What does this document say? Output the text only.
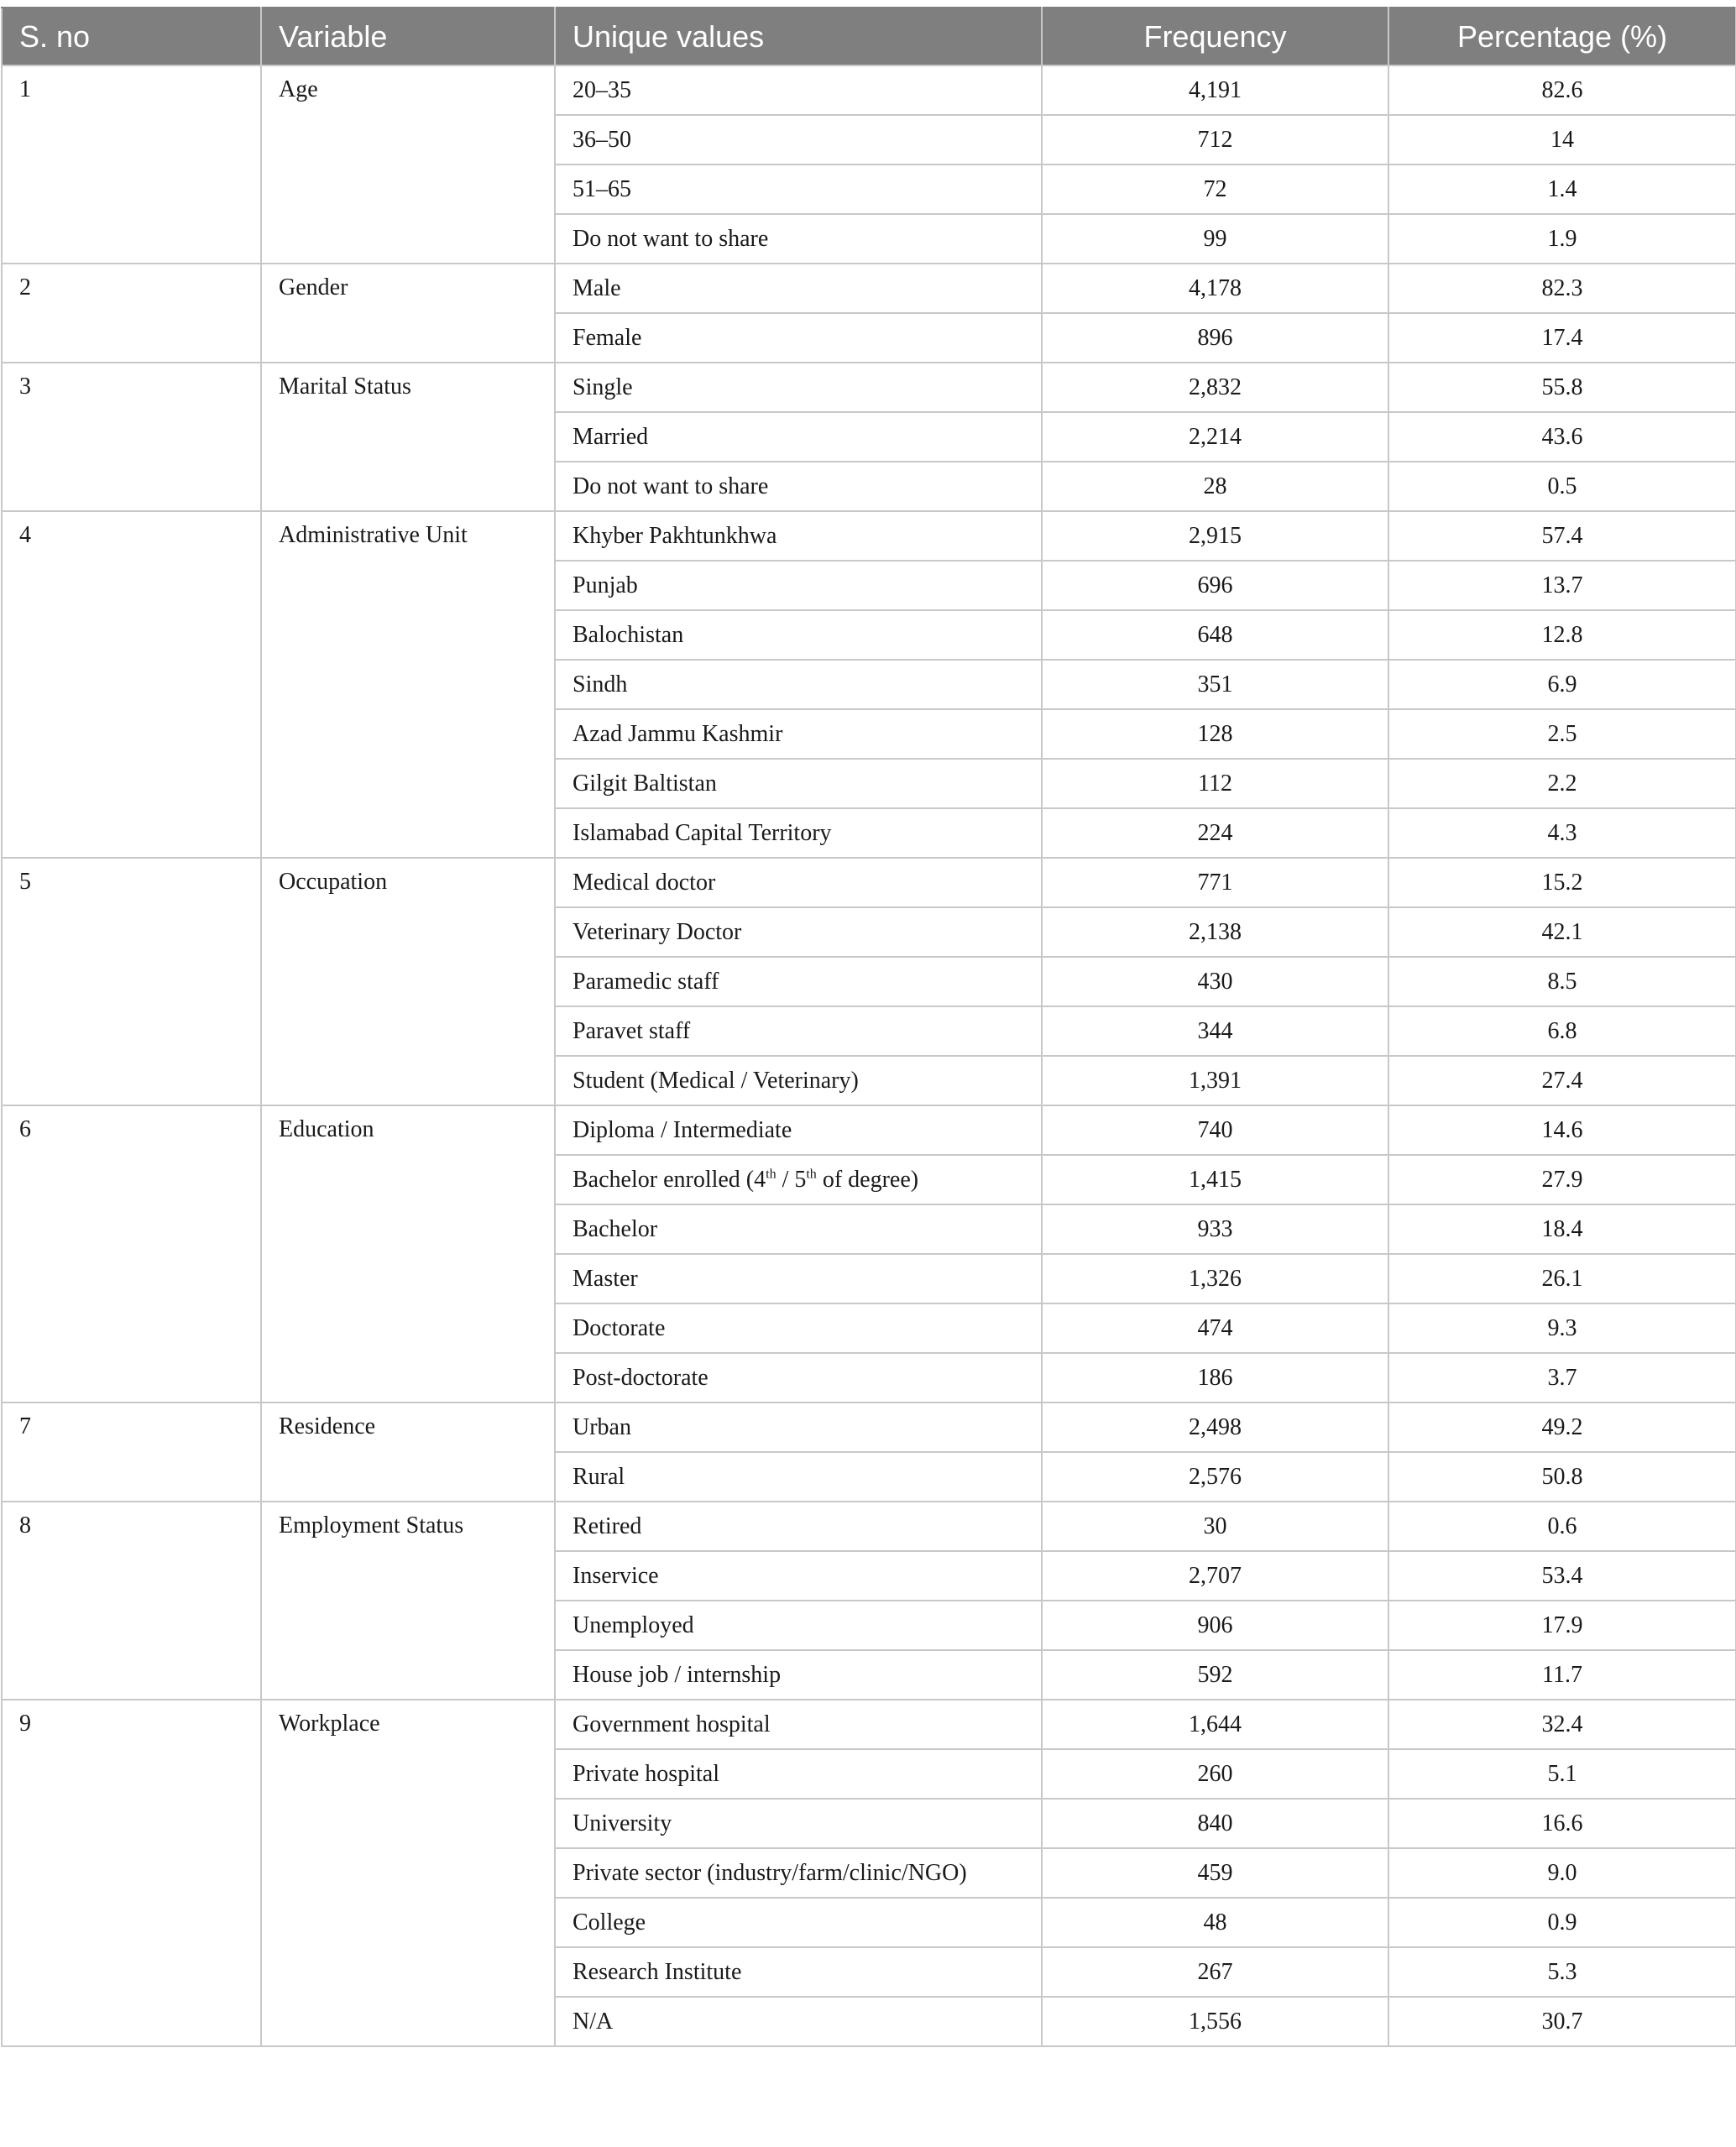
S. no	Variable	Unique values	Frequency	Percentage (%)
1	Age	20–35	4,191	82.6
		36–50	712	14
		51–65	72	1.4
		Do not want to share	99	1.9
2	Gender	Male	4,178	82.3
		Female	896	17.4
3	Marital Status	Single	2,832	55.8
		Married	2,214	43.6
		Do not want to share	28	0.5
4	Administrative Unit	Khyber Pakhtunkhwa	2,915	57.4
		Punjab	696	13.7
		Balochistan	648	12.8
		Sindh	351	6.9
		Azad Jammu Kashmir	128	2.5
		Gilgit Baltistan	112	2.2
		Islamabad Capital Territory	224	4.3
5	Occupation	Medical doctor	771	15.2
		Veterinary Doctor	2,138	42.1
		Paramedic staff	430	8.5
		Paravet staff	344	6.8
		Student (Medical / Veterinary)	1,391	27.4
6	Education	Diploma / Intermediate	740	14.6
		Bachelor enrolled (4th / 5th of degree)	1,415	27.9
		Bachelor	933	18.4
		Master	1,326	26.1
		Doctorate	474	9.3
		Post-doctorate	186	3.7
7	Residence	Urban	2,498	49.2
		Rural	2,576	50.8
8	Employment Status	Retired	30	0.6
		Inservice	2,707	53.4
		Unemployed	906	17.9
		House job / internship	592	11.7
9	Workplace	Government hospital	1,644	32.4
		Private hospital	260	5.1
		University	840	16.6
		Private sector (industry/farm/clinic/NGO)	459	9.0
		College	48	0.9
		Research Institute	267	5.3
		N/A	1,556	30.7
